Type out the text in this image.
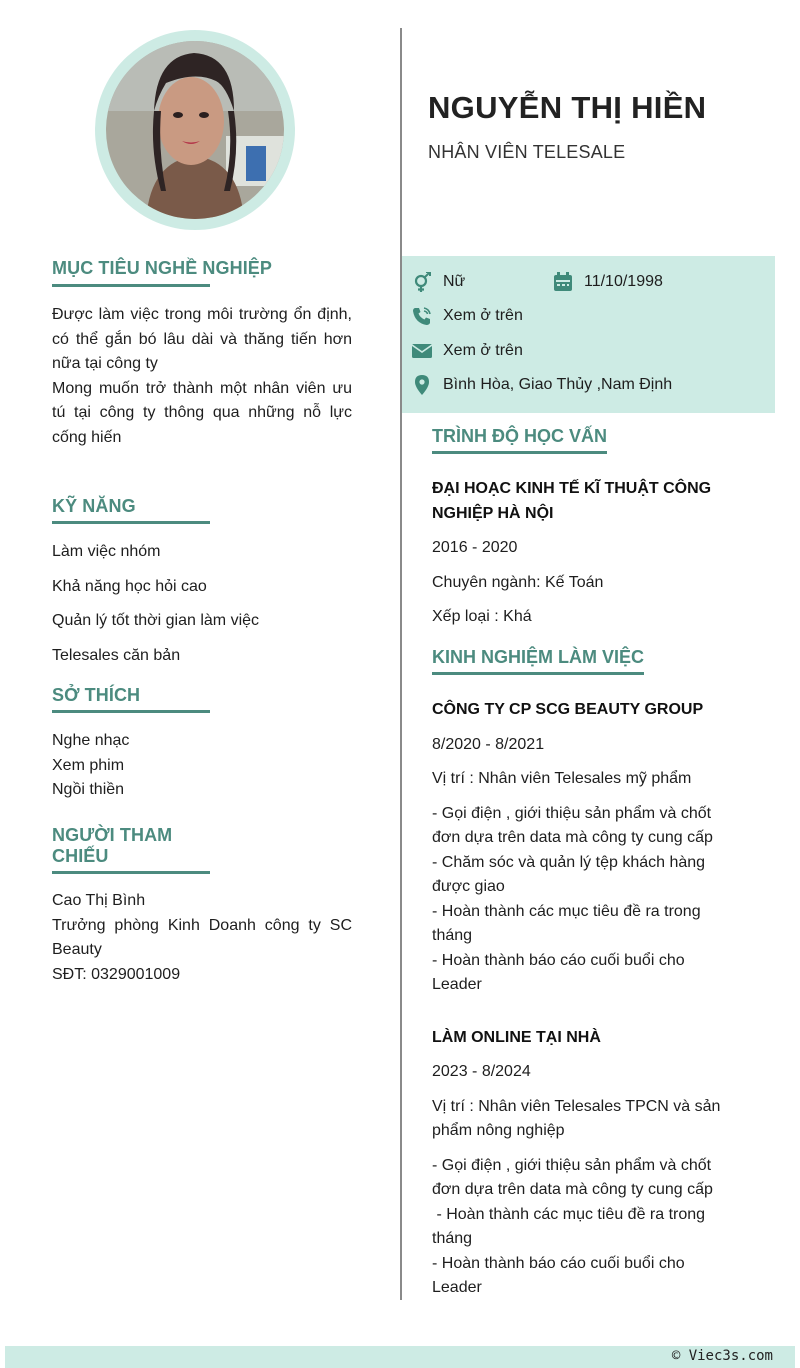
NGUYỄN THỊ HIỀN
NHÂN VIÊN TELESALE
Nữ	11/10/1998
Xem ở trên
Xem ở trên
Bình Hòa, Giao Thủy ,Nam Định
MỤC TIÊU NGHỀ NGHIỆP

Được làm việc trong môi trường ổn định, có thể gắn bó lâu dài và thăng tiến hơn nữa tại công ty

Mong muốn trở thành một nhân viên ưu tú tại công ty thông qua những nỗ lực cống hiến

KỸ NĂNG
Làm việc nhóm
Khả năng học hỏi cao
Quản lý tốt thời gian làm việc
Telesales căn bản
SỞ THÍCH
Nghe nhạc
Xem phim
Ngồi thiền
NGƯỜI THAM CHIẾU

Cao Thị Bình

Trưởng phòng Kinh Doanh công ty SC Beauty

SĐT: 0329001009

TRÌNH ĐỘ HỌC VẤN
ĐẠI HOẠC KINH TẾ KĨ THUẬT CÔNG NGHIỆP HÀ NỘI
2016 - 2020
Chuyên ngành: Kế Toán
Xếp loại : Khá
KINH NGHIỆM LÀM VIỆC
CÔNG TY CP SCG BEAUTY GROUP
8/2020 - 8/2021
Vị trí : Nhân viên Telesales mỹ phẩm
- Gọi điện , giới thiệu sản phẩm và chốt đơn dựa trên data mà công ty cung cấp
- Chăm sóc và quản lý tệp khách hàng được giao
- Hoàn thành các mục tiêu đề ra trong tháng
- Hoàn thành báo cáo cuối buổi cho Leader
LÀM ONLINE TẠI NHÀ
2023 - 8/2024
Vị trí : Nhân viên Telesales TPCN và sản phẩm nông nghiệp
- Gọi điện , giới thiệu sản phẩm và chốt đơn dựa trên data mà công ty cung cấp
- Hoàn thành các mục tiêu đề ra trong tháng
- Hoàn thành báo cáo cuối buổi cho Leader
© Viec3s.com
